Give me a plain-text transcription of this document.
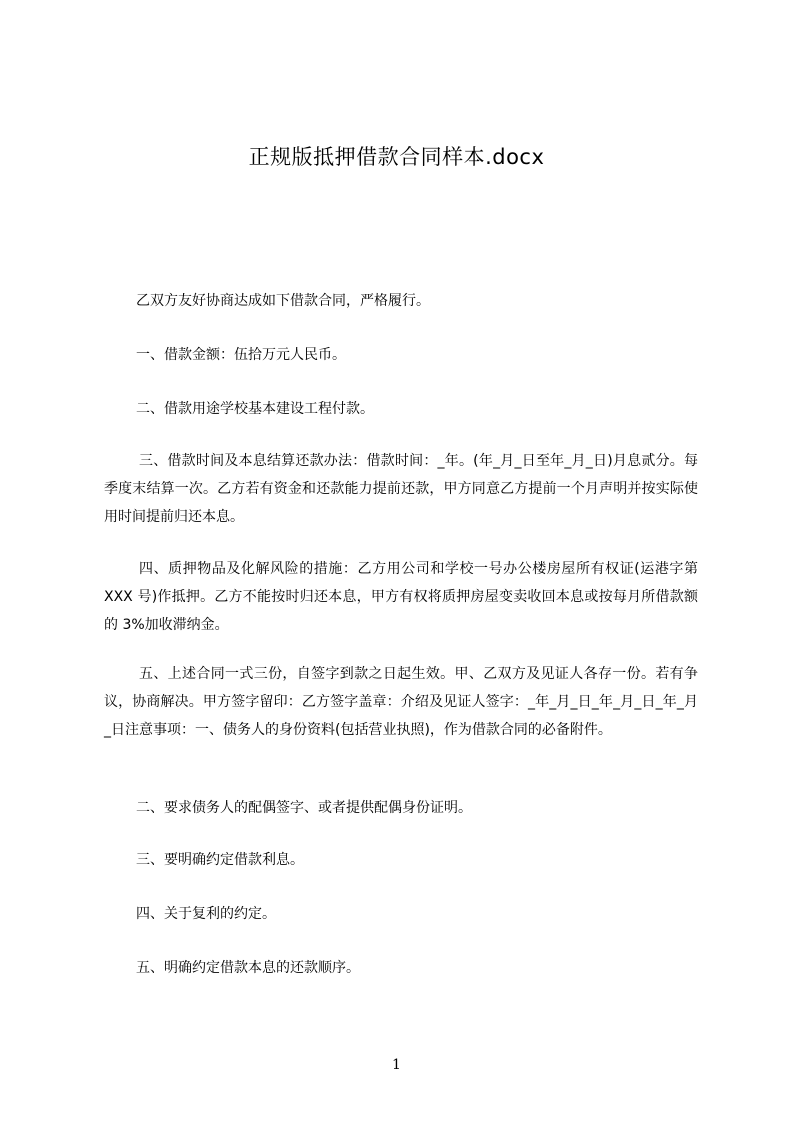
正规版抵押借款合同样本.docx
乙双方友好协商达成如下借款合同，严格履行。
一、借款金额：伍拾万元人民币。
二、借款用途学校基本建设工程付款。
三、借款时间及本息结算还款办法：借款时间：_年。(年_月_日至年_月_日)月息贰分。每季度末结算一次。乙方若有资金和还款能力提前还款，甲方同意乙方提前一个月声明并按实际使用时间提前归还本息。
四、质押物品及化解风险的措施：乙方用公司和学校一号办公楼房屋所有权证(运港字第 XXX 号)作抵押。乙方不能按时归还本息，甲方有权将质押房屋变卖收回本息或按每月所借款额的 3%加收滞纳金。
五、上述合同一式三份，自签字到款之日起生效。甲、乙双方及见证人各存一份。若有争议，协商解决。甲方签字留印：乙方签字盖章：介绍及见证人签字：_年_月_日_年_月_日_年_月_日注意事项：一、债务人的身份资料(包括营业执照)，作为借款合同的必备附件。
二、要求债务人的配偶签字、或者提供配偶身份证明。
三、要明确约定借款利息。
四、关于复利的约定。
五、明确约定借款本息的还款顺序。
1
